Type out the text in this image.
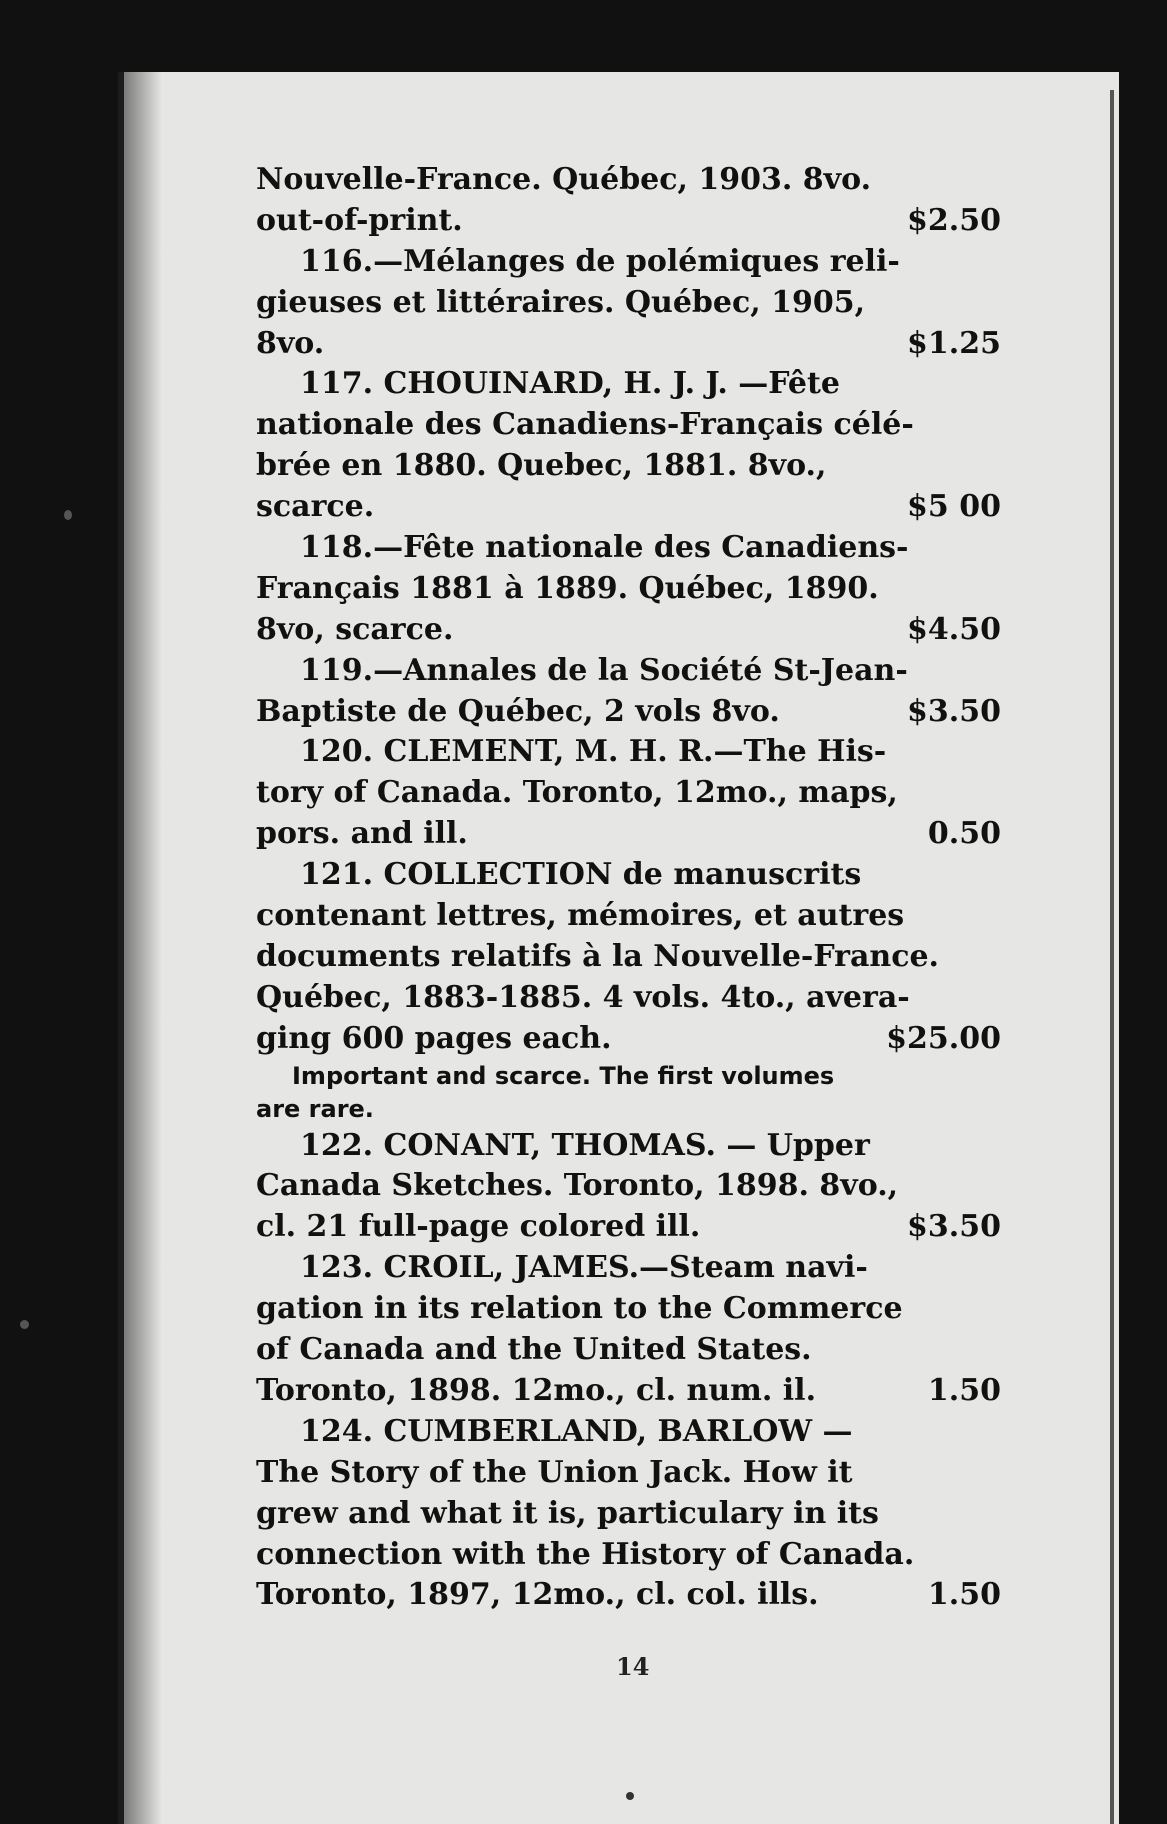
Nouvelle-France. Québec, 1903. 8vo.
out-of-print.	$2.50
116.—Mélanges de polémiques reli-
gieuses et littéraires. Québec, 1905,
8vo.	$1.25
117. CHOUINARD, H. J. J. —Fête
nationale des Canadiens-Français célé-
brée en 1880. Quebec, 1881. 8vo.,
scarce.	$5 00
118.—Fête nationale des Canadiens-
Français 1881 à 1889. Québec, 1890.
8vo, scarce.	$4.50
119.—Annales de la Société St-Jean-
Baptiste de Québec, 2 vols 8vo.	$3.50
120. CLEMENT, M. H. R.—The His-
tory of Canada. Toronto, 12mo., maps,
pors. and ill.	0.50
121. COLLECTION de manuscrits
contenant lettres, mémoires, et autres
documents relatifs à la Nouvelle-France.
Québec, 1883-1885. 4 vols. 4to., avera-
ging 600 pages each.	$25.00
Important and scarce. The first volumes
are rare.
122. CONANT, THOMAS. — Upper
Canada Sketches. Toronto, 1898. 8vo.,
cl. 21 full-page colored ill.	$3.50
123. CROIL, JAMES.—Steam navi-
gation in its relation to the Commerce
of Canada and the United States.
Toronto, 1898. 12mo., cl. num. il.	1.50
124. CUMBERLAND, BARLOW —
The Story of the Union Jack. How it
grew and what it is, particulary in its
connection with the History of Canada.
Toronto, 1897, 12mo., cl. col. ills.	1.50
14
